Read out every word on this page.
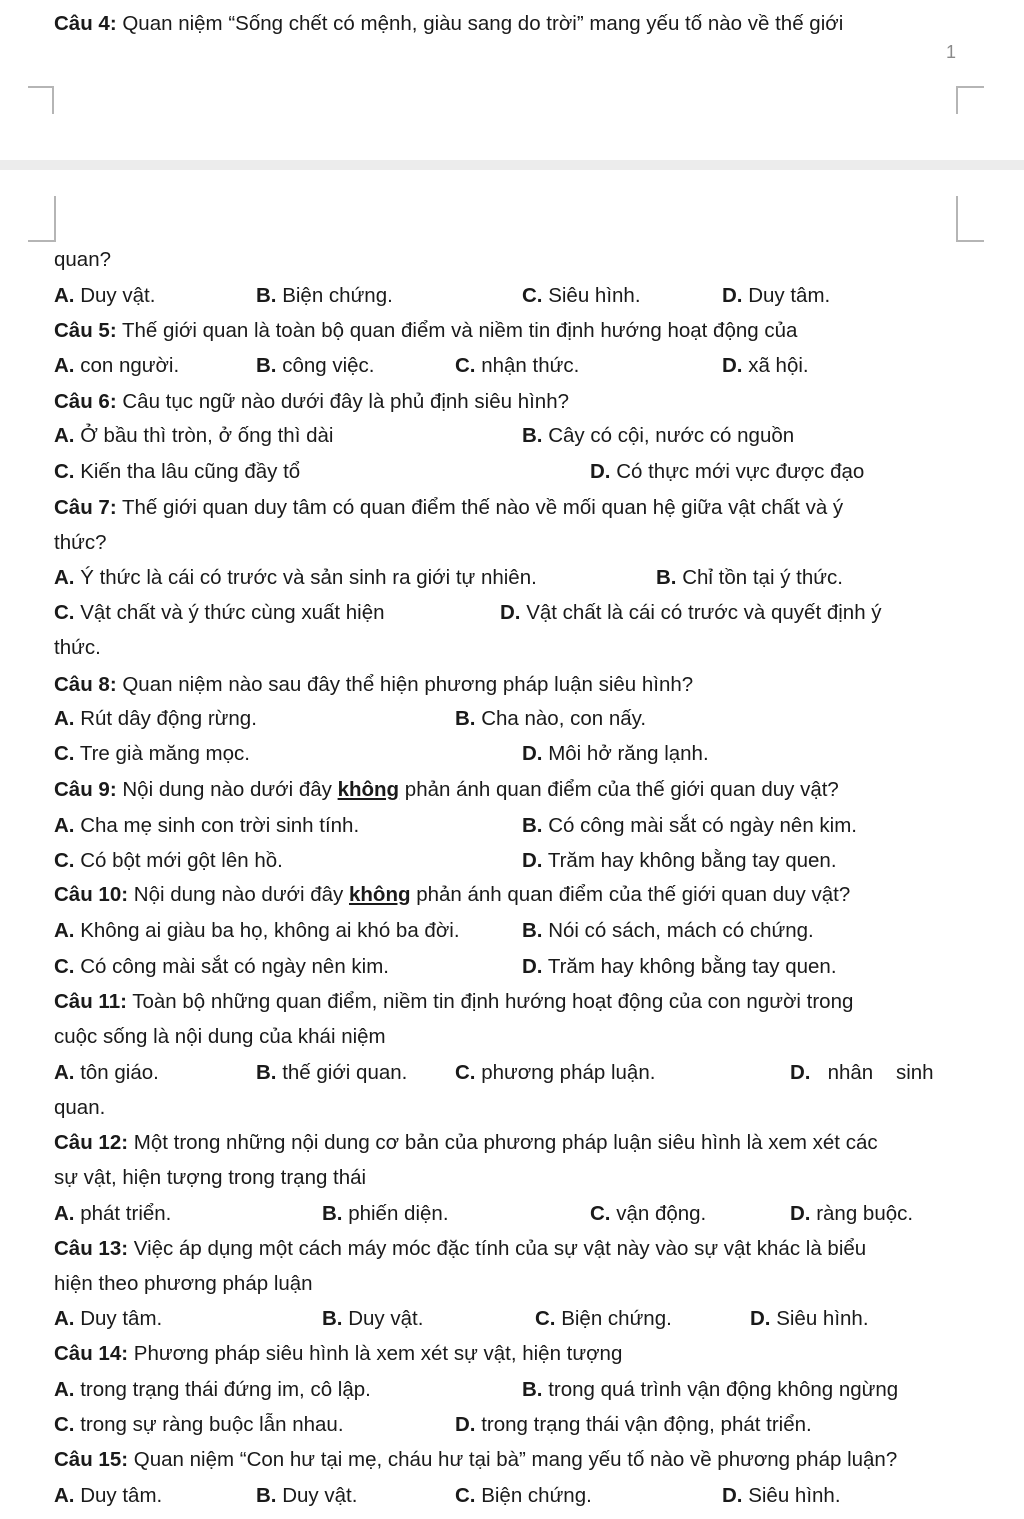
Câu 4: Quan niệm “Sống chết có mệnh, giàu sang do trời” mang yếu tố nào về thế giới
1
quan?
A. Duy vật.	B. Biện chứng.	C. Siêu hình.	D. Duy tâm.
Câu 5: Thế giới quan là toàn bộ quan điểm và niềm tin định hướng hoạt động của
A. con người.	B. công việc.	C. nhận thức.	D. xã hội.
Câu 6: Câu tục ngữ nào dưới đây là phủ định siêu hình?
A. Ở bầu thì tròn, ở ống thì dài	B. Cây có cội, nước có nguồn
C. Kiến tha lâu cũng đầy tổ	D. Có thực mới vực được đạo
Câu 7: Thế giới quan duy tâm có quan điểm thế nào về mối quan hệ giữa vật chất và ý
thức?
A. Ý thức là cái có trước và sản sinh ra giới tự nhiên.	B. Chỉ tồn tại ý thức.
C. Vật chất và ý thức cùng xuất hiện	D. Vật chất là cái có trước và quyết định ý
thức.
Câu 8: Quan niệm nào sau đây thể hiện phương pháp luận siêu hình?
A. Rút dây động rừng.	B. Cha nào, con nấy.
C. Tre già măng mọc.	D. Môi hở răng lạnh.
Câu 9: Nội dung nào dưới đây không phản ánh quan điểm của thế giới quan duy vật?
A. Cha mẹ sinh con trời sinh tính.	B. Có công mài sắt có ngày nên kim.
C. Có bột mới gột lên hồ.	D. Trăm hay không bằng tay quen.
Câu 10: Nội dung nào dưới đây không phản ánh quan điểm của thế giới quan duy vật?
A. Không ai giàu ba họ, không ai khó ba đời.	B. Nói có sách, mách có chứng.
C. Có công mài sắt có ngày nên kim.	D. Trăm hay không bằng tay quen.
Câu 11: Toàn bộ những quan điểm, niềm tin định hướng hoạt động của con người trong
cuộc sống là nội dung của khái niệm
A. tôn giáo.	B. thế giới quan. C. phương pháp luận.	D. nhân    sinh
quan.
Câu 12: Một trong những nội dung cơ bản của phương pháp luận siêu hình là xem xét các
sự vật, hiện tượng trong trạng thái
A. phát triển.	B. phiến diện.	C. vận động.	D. ràng buộc.
Câu 13: Việc áp dụng một cách máy móc đặc tính của sự vật này vào sự vật khác là biểu
hiện theo phương pháp luận
A. Duy tâm.	B. Duy vật.	C. Biện chứng.	D. Siêu hình.
Câu 14: Phương pháp siêu hình là xem xét sự vật, hiện tượng
A. trong trạng thái đứng im, cô lập.	B. trong quá trình vận động không ngừng
C. trong sự ràng buộc lẫn nhau.	D. trong trạng thái vận động, phát triển.
Câu 15: Quan niệm “Con hư tại mẹ, cháu hư tại bà” mang yếu tố nào về phương pháp luận?
A. Duy tâm.	B. Duy vật.	C. Biện chứng.	D. Siêu hình.
